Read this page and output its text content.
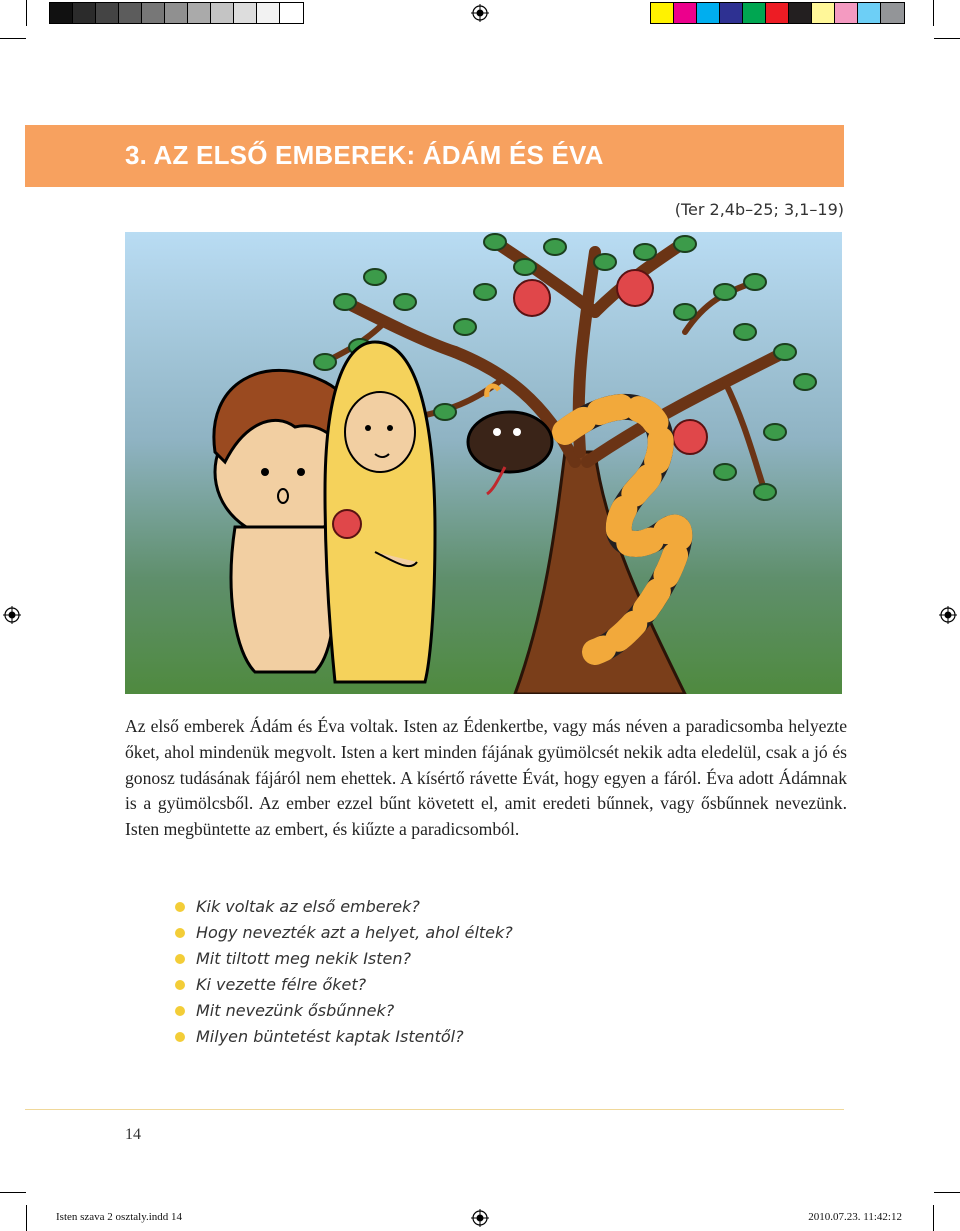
3. AZ ELSŐ EMBEREK: ÁDÁM ÉS ÉVA
(Ter 2,4b–25; 3,1–19)

Az első emberek Ádám és Éva voltak. Isten az Édenkertbe, vagy más néven a paradicsomba helyezte őket, ahol mindenük megvolt. Isten a kert minden fájának gyümölcsét nekik adta eledelül, csak a jó és gonosz tudásának fájáról nem ehettek. A kísértő rávette Évát, hogy egyen a fáról. Éva adott Ádámnak is a gyümölcsből. Az ember ezzel bűnt követett el, amit eredeti bűnnek, vagy ősbűnnek nevezünk. Isten megbüntette az embert, és kiűzte a paradicsomból.

Kik voltak az első emberek?
Hogy nevezték azt a helyet, ahol éltek?
Mit tiltott meg nekik Isten?
Ki vezette félre őket?
Mit nevezünk ősbűnnek?
Milyen büntetést kaptak Istentől?
14
Isten szava 2 osztaly.indd 14	2010.07.23. 11:42:12
